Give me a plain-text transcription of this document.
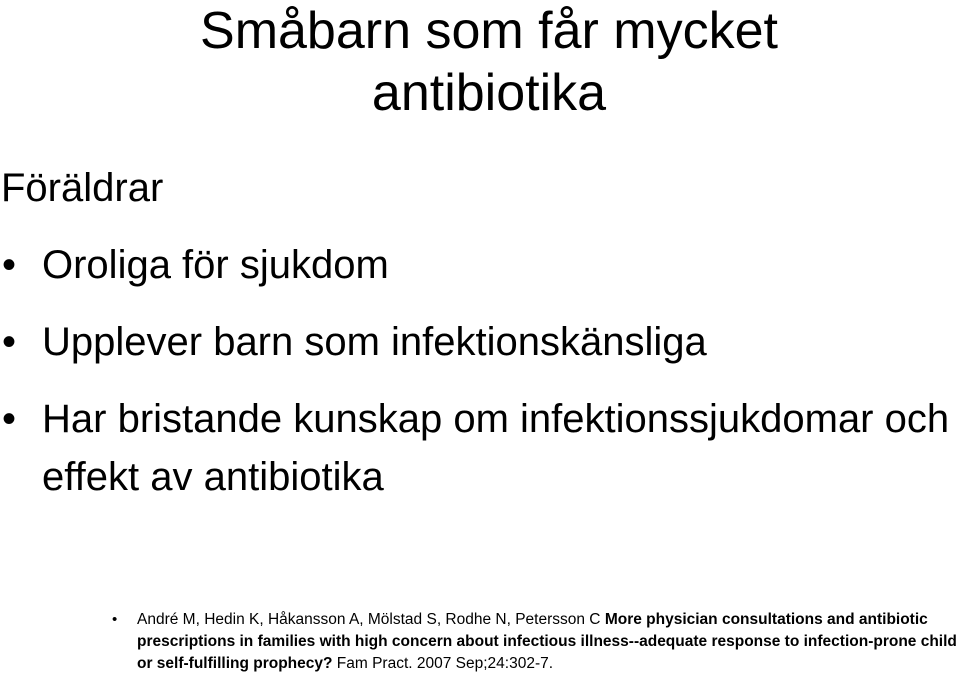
Småbarn som får mycket
antibiotika
Föräldrar
• Oroliga för sjukdom
• Upplever barn som infektionskänsliga
• Har bristande kunskap om infektionssjukdomar och effekt av antibiotika
• André M, Hedin K, Håkansson A, Mölstad S, Rodhe N, Petersson C More physician consultations and antibiotic prescriptions in families with high concern about infectious illness--adequate response to infection-prone child or self-fulfilling prophecy? Fam Pract. 2007 Sep;24:302-7.
